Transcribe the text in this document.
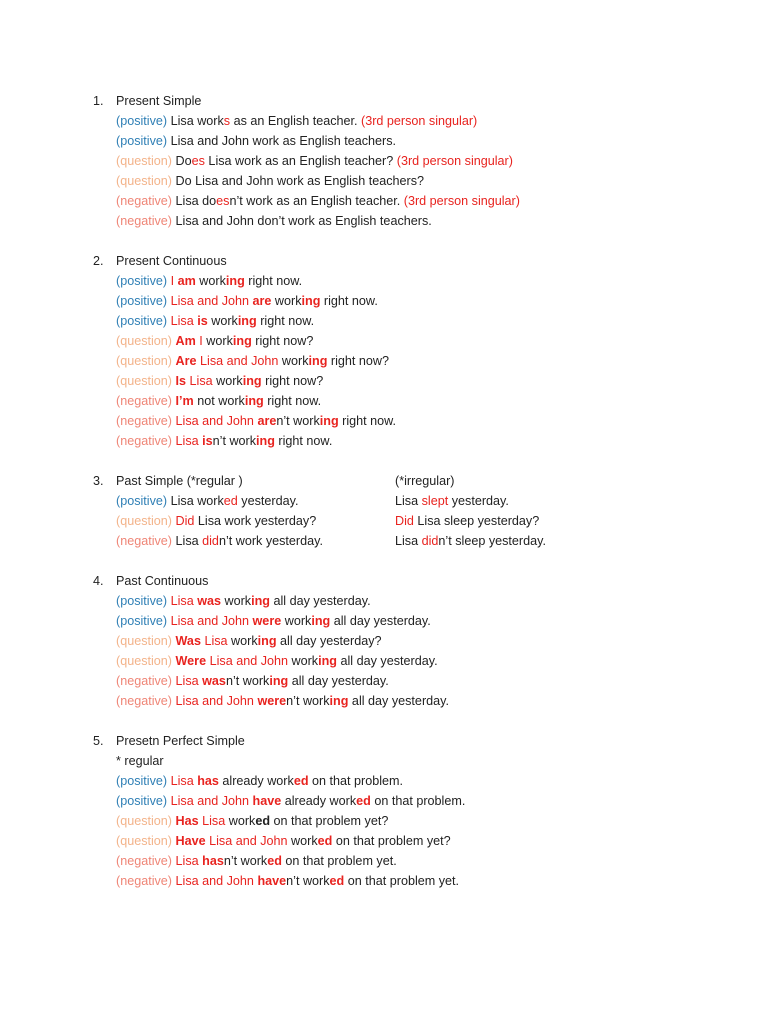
1. Present Simple
(positive) Lisa works as an English teacher. (3rd person singular)
(positive) Lisa and John work as English teachers.
(question) Does Lisa work as an English teacher? (3rd person singular)
(question) Do Lisa and John work as English teachers?
(negative) Lisa doesn’t work as an English teacher. (3rd person singular)
(negative) Lisa and John don’t work as English teachers.
2. Present Continuous
(positive) I am working right now.
(positive) Lisa and John are working right now.
(positive) Lisa is working right now.
(question) Am I working right now?
(question) Are Lisa and John working right now?
(question) Is Lisa working right now?
(negative) I’m not working right now.
(negative) Lisa and John aren’t working right now.
(negative) Lisa isn’t working right now.
3. Past Simple (*regular )
(positive) Lisa worked yesterday.
(question) Did Lisa work yesterday?
(negative) Lisa didn’t work yesterday.
(*irregular)
Lisa slept yesterday.
Did Lisa sleep yesterday?
Lisa didn’t sleep yesterday.
4. Past Continuous
(positive) Lisa was working all day yesterday.
(positive) Lisa and John were working all day yesterday.
(question) Was Lisa working all day yesterday?
(question) Were Lisa and John working all day yesterday.
(negative) Lisa wasn’t working all day yesterday.
(negative) Lisa and John weren’t working all day yesterday.
5. Presetn Perfect Simple
* regular
(positive) Lisa has already worked on that problem.
(positive) Lisa and John have already worked on that problem.
(question) Has Lisa worked on that problem yet?
(question) Have Lisa and John worked on that problem yet?
(negative) Lisa hasn’t worked on that problem yet.
(negative) Lisa and John haven’t worked on that problem yet.
